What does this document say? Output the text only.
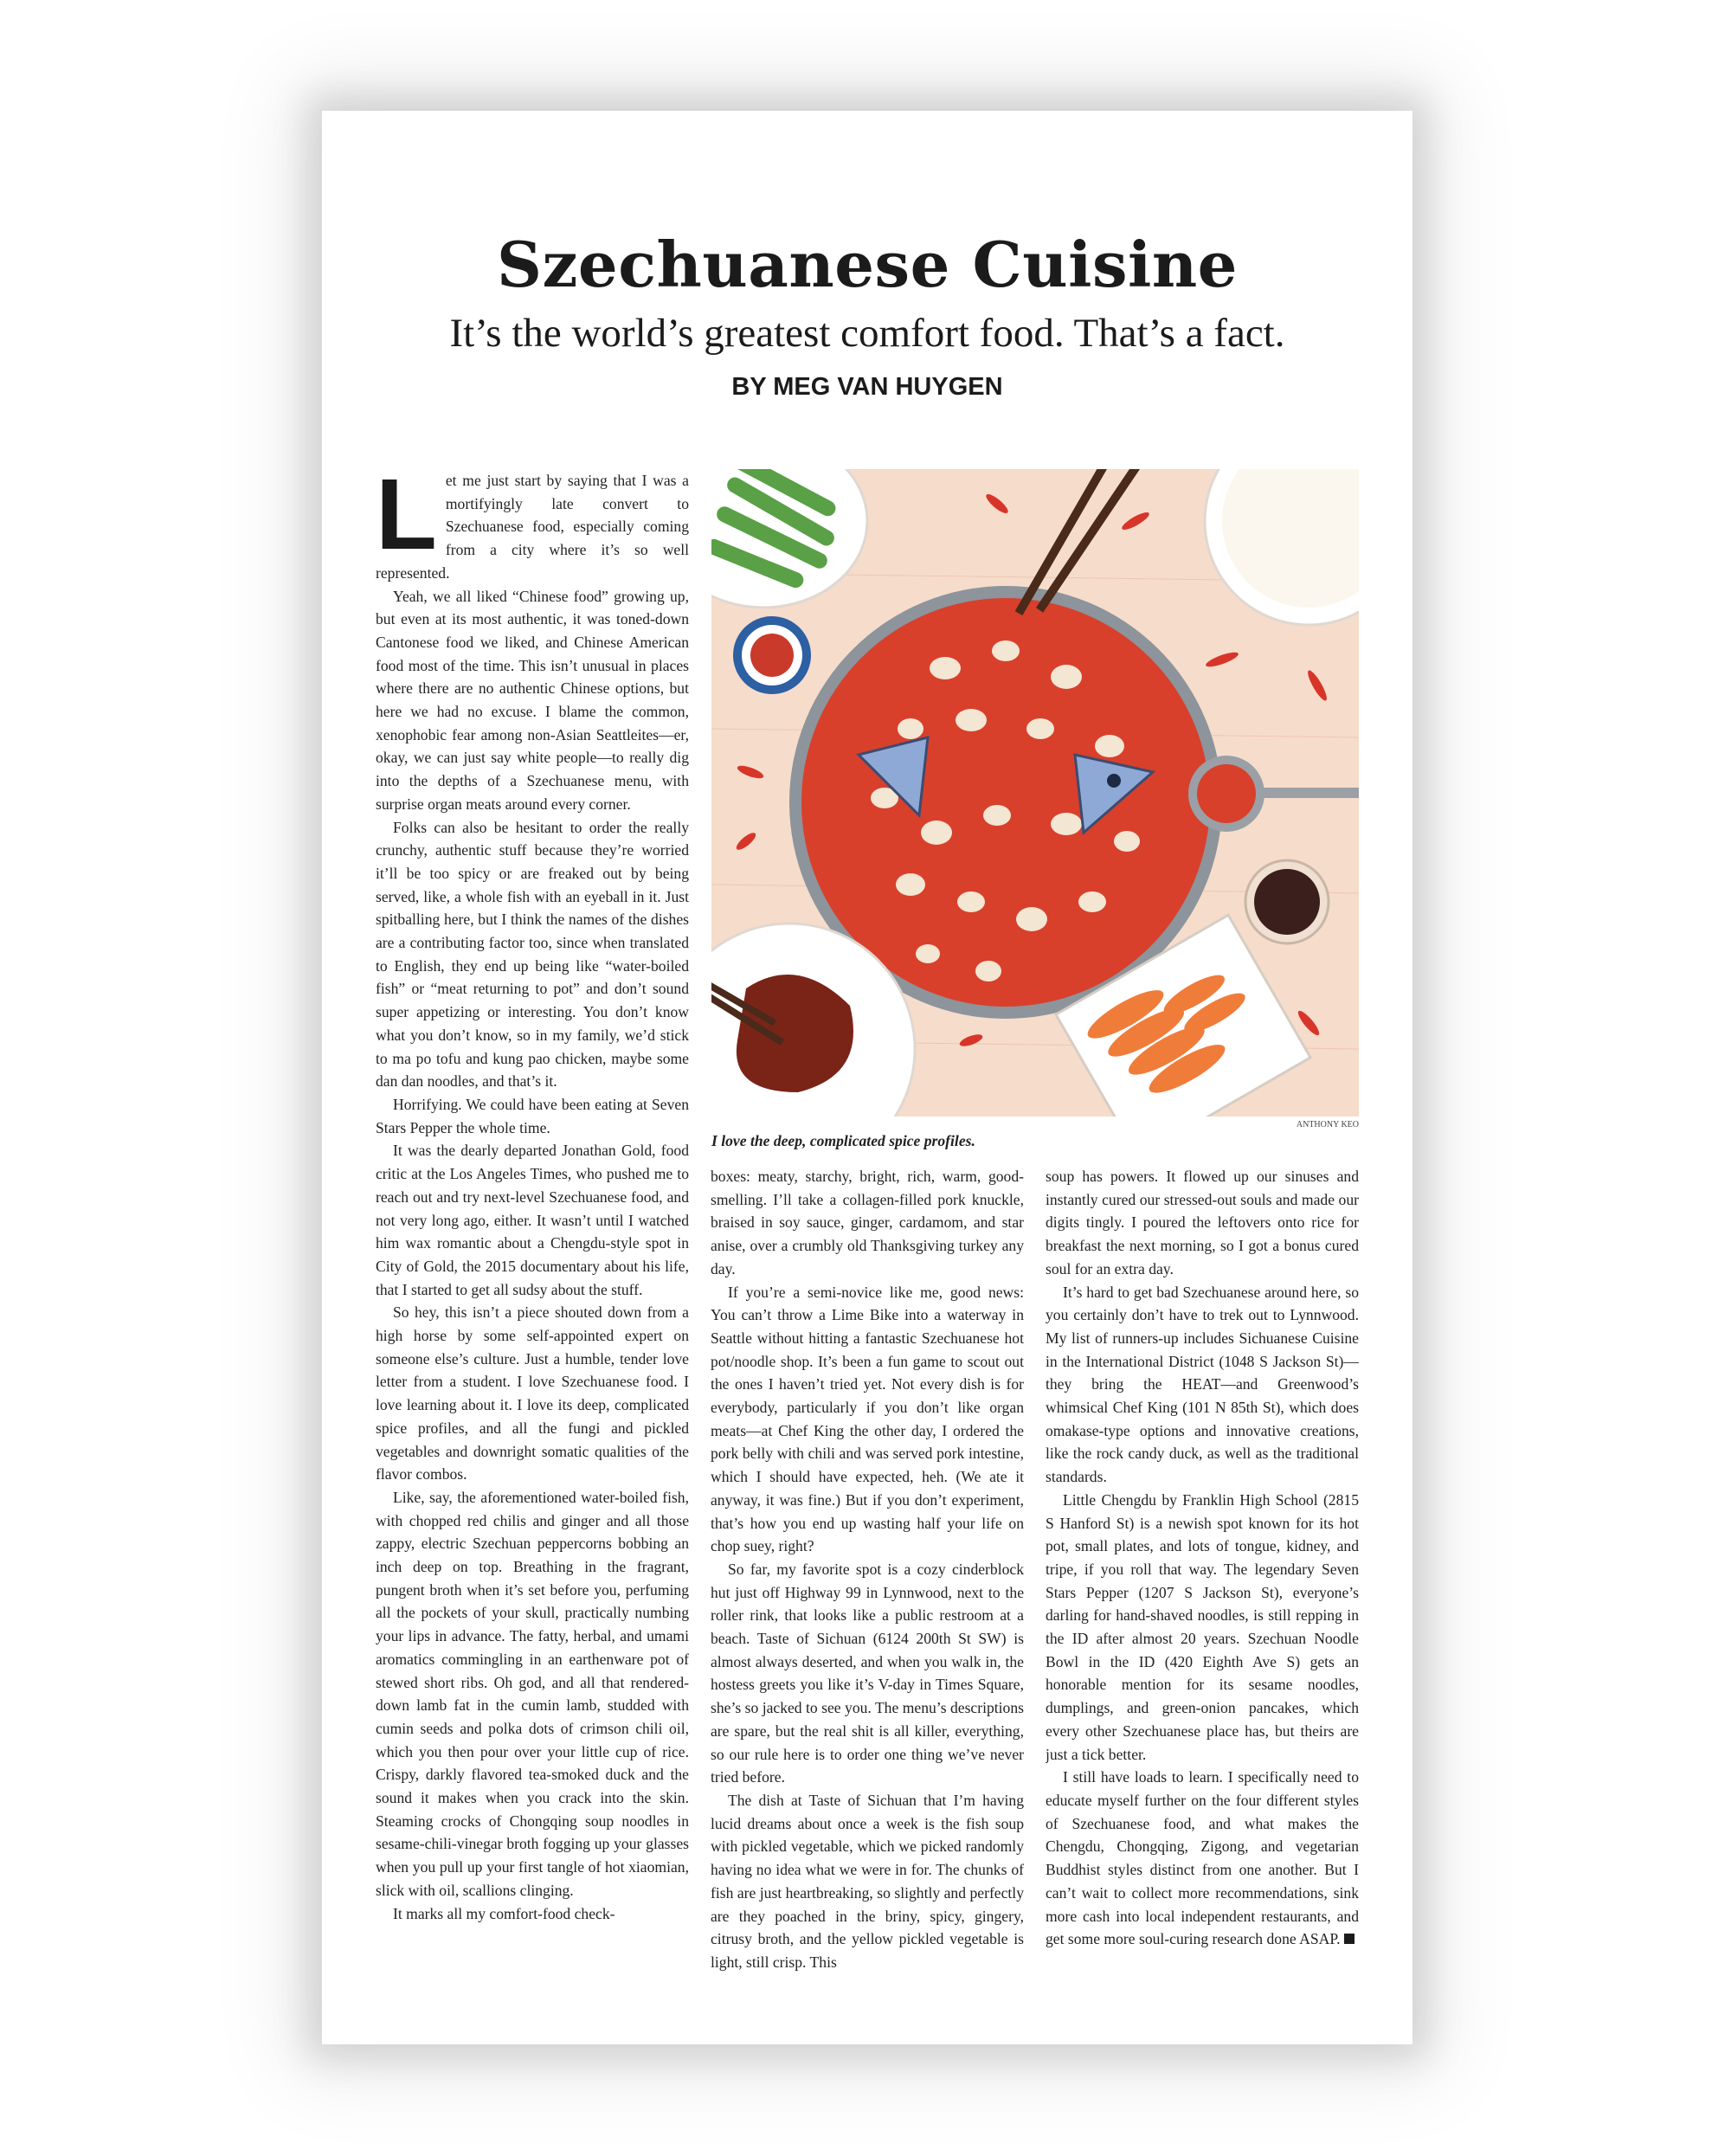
Szechuanese Cuisine
It’s the world’s greatest comfort food. That’s a fact.
BY MEG VAN HUYGEN
L et me just start by saying that I was a mortifyingly late convert to Szechuanese food, especially coming from a city where it’s so well represented.

Yeah, we all liked “Chinese food” growing up, but even at its most authentic, it was toned-down Cantonese food we liked, and Chinese American food most of the time. This isn’t unusual in places where there are no authentic Chinese options, but here we had no excuse. I blame the common, xenophobic fear among non-Asian Seattleites—er, okay, we can just say white people—to really dig into the depths of a Szechuanese menu, with surprise organ meats around every corner.

Folks can also be hesitant to order the really crunchy, authentic stuff because they’re worried it’ll be too spicy or are freaked out by being served, like, a whole fish with an eyeball in it. Just spitballing here, but I think the names of the dishes are a contributing factor too, since when translated to English, they end up being like “water-boiled fish” or “meat returning to pot” and don’t sound super appetizing or interesting. You don’t know what you don’t know, so in my family, we’d stick to ma po tofu and kung pao chicken, maybe some dan dan noodles, and that’s it.

Horrifying. We could have been eating at Seven Stars Pepper the whole time.

It was the dearly departed Jonathan Gold, food critic at the Los Angeles Times, who pushed me to reach out and try next-level Szechuanese food, and not very long ago, either. It wasn’t until I watched him wax romantic about a Chengdu-style spot in City of Gold, the 2015 documentary about his life, that I started to get all sudsy about the stuff.

So hey, this isn’t a piece shouted down from a high horse by some self-appointed expert on someone else’s culture. Just a humble, tender love letter from a student. I love Szechuanese food. I love learning about it. I love its deep, complicated spice profiles, and all the fungi and pickled vegetables and downright somatic qualities of the flavor combos.

Like, say, the aforementioned water-boiled fish, with chopped red chilis and ginger and all those zappy, electric Szechuan peppercorns bobbing an inch deep on top. Breathing in the fragrant, pungent broth when it’s set before you, perfuming all the pockets of your skull, practically numbing your lips in advance. The fatty, herbal, and umami aromatics commingling in an earthenware pot of stewed short ribs. Oh god, and all that rendered-down lamb fat in the cumin lamb, studded with cumin seeds and polka dots of crimson chili oil, which you then pour over your little cup of rice. Crispy, darkly flavored tea-smoked duck and the sound it makes when you crack into the skin. Steaming crocks of Chongqing soup noodles in sesame-chili-vinegar broth fogging up your glasses when you pull up your first tangle of hot xiaomian, slick with oil, scallions clinging.

It marks all my comfort-food check-

ANTHONY KEO
I love the deep, complicated spice profiles.

boxes: meaty, starchy, bright, rich, warm, good-smelling. I’ll take a collagen-filled pork knuckle, braised in soy sauce, ginger, cardamom, and star anise, over a crumbly old Thanksgiving turkey any day.

If you’re a semi-novice like me, good news: You can’t throw a Lime Bike into a waterway in Seattle without hitting a fantastic Szechuanese hot pot/noodle shop. It’s been a fun game to scout out the ones I haven’t tried yet. Not every dish is for everybody, particularly if you don’t like organ meats—at Chef King the other day, I ordered the pork belly with chili and was served pork intestine, which I should have expected, heh. (We ate it anyway, it was fine.) But if you don’t experiment, that’s how you end up wasting half your life on chop suey, right?

So far, my favorite spot is a cozy cinderblock hut just off Highway 99 in Lynnwood, next to the roller rink, that looks like a public restroom at a beach. Taste of Sichuan (6124 200th St SW) is almost always deserted, and when you walk in, the hostess greets you like it’s V-day in Times Square, she’s so jacked to see you. The menu’s descriptions are spare, but the real shit is all killer, everything, so our rule here is to order one thing we’ve never tried before.

The dish at Taste of Sichuan that I’m having lucid dreams about once a week is the fish soup with pickled vegetable, which we picked randomly having no idea what we were in for. The chunks of fish are just heartbreaking, so slightly and perfectly are they poached in the briny, spicy, gingery, citrusy broth, and the yellow pickled vegetable is light, still crisp. This

soup has powers. It flowed up our sinuses and instantly cured our stressed-out souls and made our digits tingly. I poured the leftovers onto rice for breakfast the next morning, so I got a bonus cured soul for an extra day.

It’s hard to get bad Szechuanese around here, so you certainly don’t have to trek out to Lynnwood. My list of runners-up includes Sichuanese Cuisine in the International District (1048 S Jackson St)—they bring the HEAT—and Greenwood’s whimsical Chef King (101 N 85th St), which does omakase-type options and innovative creations, like the rock candy duck, as well as the traditional standards.

Little Chengdu by Franklin High School (2815 S Hanford St) is a newish spot known for its hot pot, small plates, and lots of tongue, kidney, and tripe, if you roll that way. The legendary Seven Stars Pepper (1207 S Jackson St), everyone’s darling for hand-shaved noodles, is still repping in the ID after almost 20 years. Szechuan Noodle Bowl in the ID (420 Eighth Ave S) gets an honorable mention for its sesame noodles, dumplings, and green-onion pancakes, which every other Szechuanese place has, but theirs are just a tick better.

I still have loads to learn. I specifically need to educate myself further on the four different styles of Szechuanese food, and what makes the Chengdu, Chongqing, Zigong, and vegetarian Buddhist styles distinct from one another. But I can’t wait to collect more recommendations, sink more cash into local independent restaurants, and get some more soul-curing research done ASAP.
